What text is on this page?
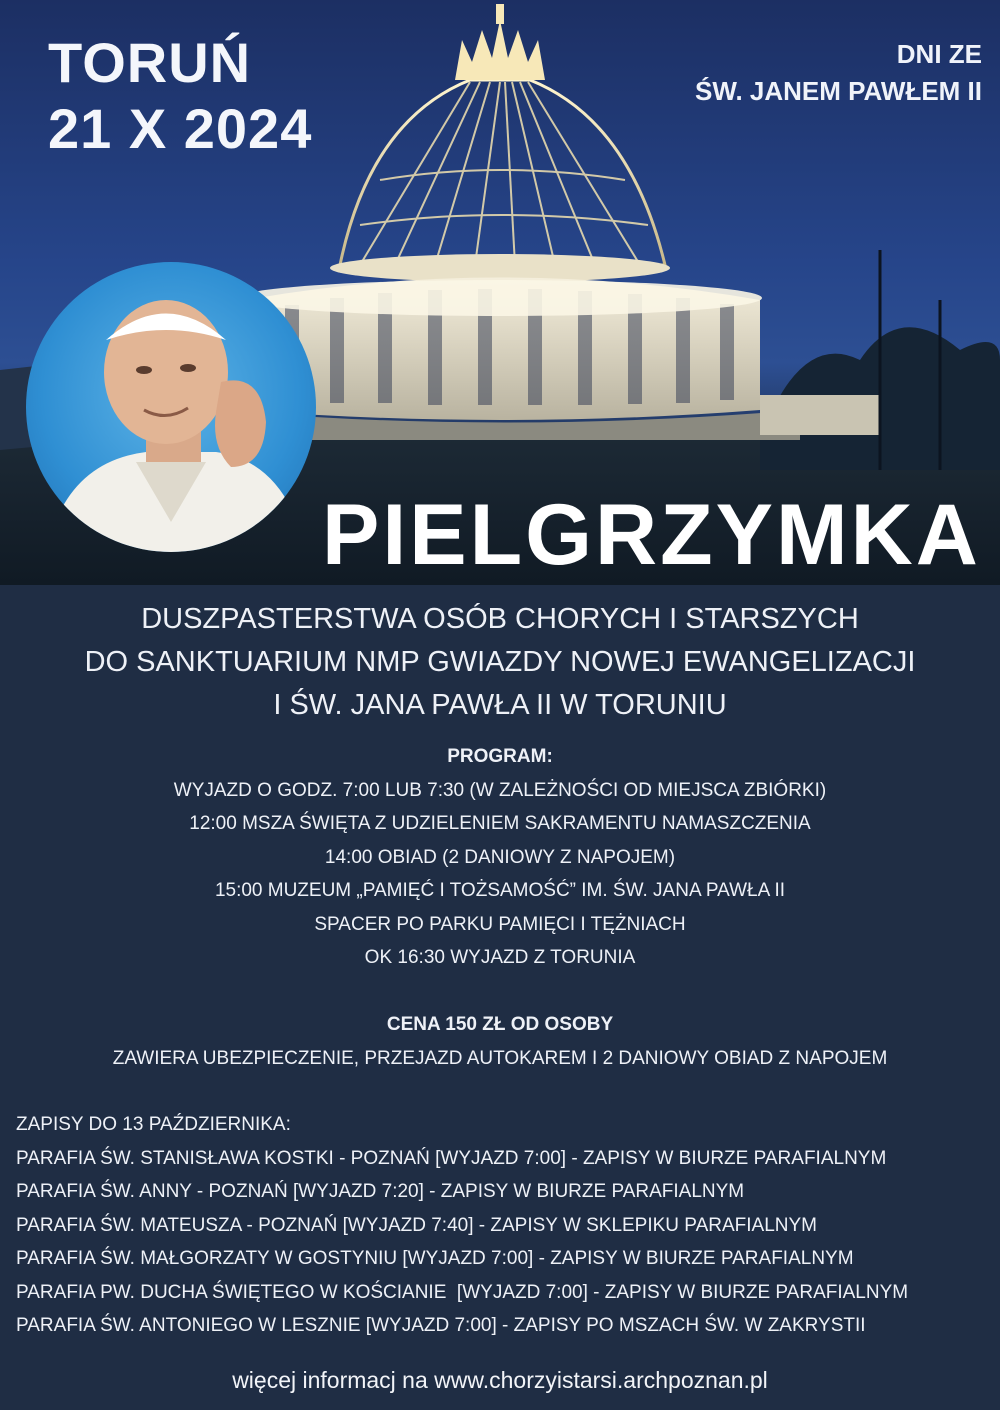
TORUŃ
21 X 2024
DNI ZE
ŚW. JANEM PAWŁEM II
PIELGRZYMKA
DUSZPASTERSTWA OSÓB CHORYCH I STARSZYCH
DO SANKTUARIUM NMP GWIAZDY NOWEJ EWANGELIZACJI
I ŚW. JANA PAWŁA II W TORUNIU
PROGRAM:
WYJAZD O GODZ. 7:00 LUB 7:30 (W ZALEŻNOŚCI OD MIEJSCA ZBIÓRKI)
12:00 MSZA ŚWIĘTA Z UDZIELENIEM SAKRAMENTU NAMASZCZENIA
14:00 OBIAD (2 DANIOWY Z NAPOJEM)
15:00 MUZEUM „PAMIĘĆ I TOŻSAMOŚĆ” IM. ŚW. JANA PAWŁA II
SPACER PO PARKU PAMIĘCI I TĘŻNIACH
OK 16:30 WYJAZD Z TORUNIA
CENA 150 ZŁ OD OSOBY
ZAWIERA UBEZPIECZENIE, PRZEJAZD AUTOKAREM I 2 DANIOWY OBIAD Z NAPOJEM
ZAPISY DO 13 PAŹDZIERNIKA:
PARAFIA ŚW. STANISŁAWA KOSTKI - POZNAŃ [WYJAZD 7:00] - ZAPISY W BIURZE PARAFIALNYM
PARAFIA ŚW. ANNY - POZNAŃ [WYJAZD 7:20] - ZAPISY W BIURZE PARAFIALNYM
PARAFIA ŚW. MATEUSZA - POZNAŃ [WYJAZD 7:40] - ZAPISY W SKLEPIKU PARAFIALNYM
PARAFIA ŚW. MAŁGORZATY W GOSTYNIU [WYJAZD 7:00] - ZAPISY W BIURZE PARAFIALNYM
PARAFIA PW. DUCHA ŚWIĘTEGO W KOŚCIANIE  [WYJAZD 7:00] - ZAPISY W BIURZE PARAFIALNYM
PARAFIA ŚW. ANTONIEGO W LESZNIE [WYJAZD 7:00] - ZAPISY PO MSZACH ŚW. W ZAKRYSTII
więcej informacj na www.chorzyistarsi.archpoznan.pl
